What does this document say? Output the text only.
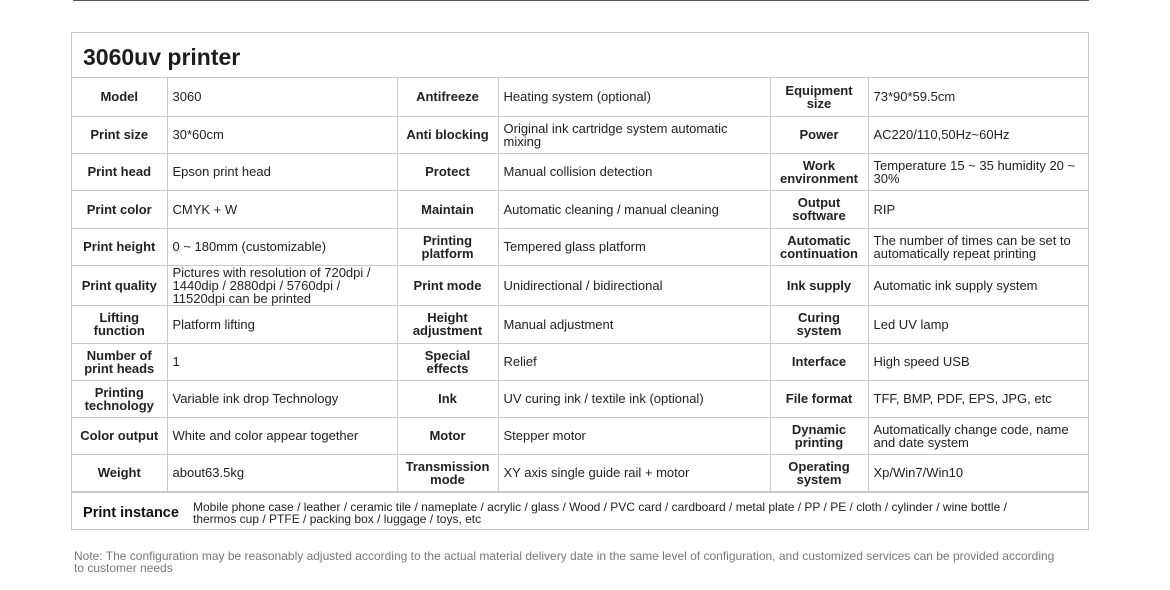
3060uv printer
Model	3060	Antifreeze	Heating system (optional)	Equipment size	73*90*59.5cm
Print size	30*60cm	Anti blocking	Original ink cartridge system automatic mixing	Power	AC220/110,50Hz~60Hz
Print head	Epson print head	Protect	Manual collision detection	Work environment	Temperature 15 ~ 35 humidity 20 ~ 30%
Print color	CMYK + W	Maintain	Automatic cleaning / manual cleaning	Output software	RIP
Print height	0 ~ 180mm (customizable)	Printing platform	Tempered glass platform	Automatic continuation	The number of times can be set to automatically repeat printing
Print quality	Pictures with resolution of 720dpi / 1440dip / 2880dpi / 5760dpi / 11520dpi can be printed	Print mode	Unidirectional / bidirectional	Ink supply	Automatic ink supply system
Lifting function	Platform lifting	Height adjustment	Manual adjustment	Curing system	Led UV lamp
Number of print heads	1	Special effects	Relief	Interface	High speed USB
Printing technology	Variable ink drop Technology	Ink	UV curing ink / textile ink (optional)	File format	TFF, BMP, PDF, EPS, JPG, etc
Color output	White and color appear together	Motor	Stepper motor	Dynamic printing	Automatically change code, name and date system
Weight	about63.5kg	Transmission mode	XY axis single guide rail + motor	Operating system	Xp/Win7/Win10
Print instance	Mobile phone case / leather / ceramic tile / nameplate / acrylic / glass / Wood / PVC card / cardboard / metal plate / PP / PE / cloth / cylinder / wine bottle / thermos cup / PTFE / packing box / luggage / toys, etc
Note: The configuration may be reasonably adjusted according to the actual material delivery date in the same level of configuration, and customized services can be provided according to customer needs
